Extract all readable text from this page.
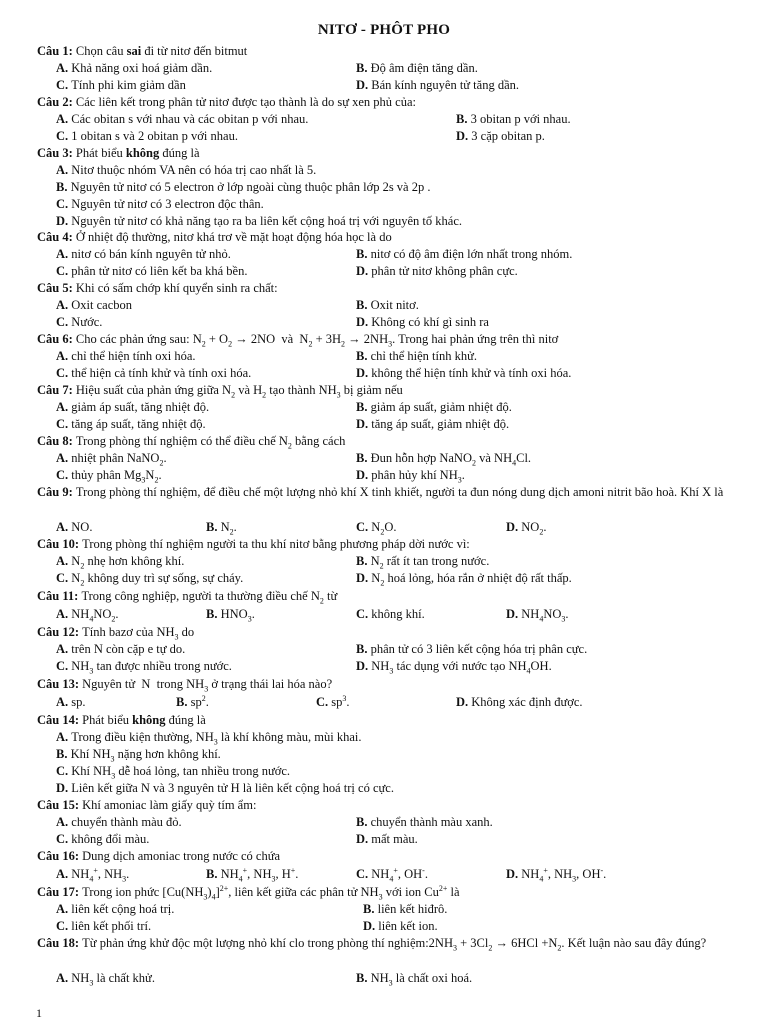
NITƠ - PHÔT PHO
Câu 1: Chọn câu sai đi từ nitơ đến bitmut
A. Khả năng oxi hoá giảm dần.	B. Độ âm điện tăng dần.
C. Tính phi kim giảm dần	D. Bán kính nguyên tử tăng dần.
Câu 2: Các liên kết trong phân tử nitơ được tạo thành là do sự xen phủ của:
A. Các obitan s với nhau và các obitan p với nhau.	B. 3 obitan p với nhau.
C. 1 obitan s và 2 obitan p với nhau.	D. 3 cặp obitan p.
Câu 3: Phát biểu không đúng là
A. Nitơ thuộc nhóm VA nên có hóa trị cao nhất là 5.
B. Nguyên tử nitơ có 5 electron ở lớp ngoài cùng thuộc phân lớp 2s và 2p .
C. Nguyên tử nitơ có 3 electron độc thân.
D. Nguyên tử nitơ có khả năng tạo ra ba liên kết cộng hoá trị với nguyên tố khác.
Câu 4: Ở nhiệt độ thường, nitơ khá trơ về mặt hoạt động hóa học là do
A. nitơ có bán kính nguyên tử nhỏ.	B. nitơ có độ âm điện lớn nhất trong nhóm.
C. phân tử nitơ có liên kết ba khá bền.	D. phân tử nitơ không phân cực.
Câu 5: Khi có sấm chớp khí quyển sinh ra chất:
A. Oxit cacbon	B. Oxit nitơ.
C. Nước.	D. Không có khí gì sinh ra
Câu 6: Cho các phản ứng sau: $N_2 + O_2 \to 2NO$  và  $N_2 + 3H_2 \to 2NH_3$. Trong hai phản ứng trên thì nitơ
A. chỉ thể hiện tính oxi hóa.	B. chỉ thể hiện tính khử.
C. thể hiện cả tính khử và tính oxi hóa.	D. không thể hiện tính khử và tính oxi hóa.
Câu 7: Hiệu suất của phản ứng giữa $N_2$ và $H_2$ tạo thành $NH_3$ bị giảm nếu
A. giảm áp suất, tăng nhiệt độ.	B. giảm áp suất, giảm nhiệt độ.
C. tăng áp suất, tăng nhiệt độ.	D. tăng áp suất, giảm nhiệt độ.
Câu 8: Trong phòng thí nghiệm có thể điều chế $N_2$ bằng cách
A. nhiệt phân NaNO$_2$.	B. Đun hỗn hợp NaNO$_2$ và $NH_4Cl$.
C. thủy phân $Mg_3N_2$.	D. phân hủy khí $NH_3$.
Câu 9: Trong phòng thí nghiệm, để điều chế một lượng nhỏ khí X tinh khiết, người ta đun nóng dung dịch amoni nitrit bão hoà. Khí X là
A. NO.	B. $N_2$.	C. $N_2O$.	D. $NO_2$.
Câu 10: Trong phòng thí nghiệm người ta thu khí nitơ bằng phương pháp dời nước vì:
A. $N_2$ nhẹ hơn không khí.	B. $N_2$ rất ít tan trong nước.
C. $N_2$ không duy trì sự sống, sự cháy.	D. $N_2$ hoá lỏng, hóa rắn ở nhiệt độ rất thấp.
Câu 11: Trong công nghiệp, người ta thường điều chế $N_2$ từ
A. $NH_4NO_2$.	B. $HNO_3$.	C. không khí.	D. $NH_4NO_3$.
Câu 12: Tính bazơ của $NH_3$ do
A. trên N còn cặp e tự do.	B. phân tử có 3 liên kết cộng hóa trị phân cực.
C. $NH_3$ tan được nhiều trong nước.	D. $NH_3$ tác dụng với nước tạo $NH_4OH$.
Câu 13: Nguyên tử  N  trong $NH_3$ ở trạng thái lai hóa nào?
A. sp.	B. $sp^2$.	C. $sp^3$.	D. Không xác định được.
Câu 14: Phát biểu không đúng là
A. Trong điều kiện thường, $NH_3$ là khí không màu, mùi khai.
B. Khí $NH_3$ nặng hơn không khí.
C. Khí $NH_3$ dễ hoá lỏng, tan nhiều trong nước.
D. Liên kết giữa N và 3 nguyên tử H là liên kết cộng hoá trị có cực.
Câu 15: Khí amoniac làm giấy quỳ tím ẩm:
A. chuyển thành màu đỏ.	B. chuyển thành màu xanh.
C. không đổi màu.	D. mất màu.
Câu 16: Dung dịch amoniac trong nước có chứa
A. $NH_4^+$, $NH_3$.	B. $NH_4^+$, $NH_3$, H+.	C. $NH_4^+$, OH-.	D. $NH_4^+$, $NH_3$, OH-.
Câu 17: Trong ion phức $[Cu(NH_3)_4]^{2+}$, liên kết giữa các phân tử $NH_3$ với ion $Cu^{2+}$ là
A. liên kết cộng hoá trị.	B. liên kết hiđrô.
C. liên kết phối trí.	D. liên kết ion.
Câu 18: Từ phản ứng khử độc một lượng nhỏ khí clo trong phòng thí $nghiệm:2NH_3 + 3Cl_2 \to 6HCl +N_2$. Kết luận nào sau đây đúng?
A. $NH_3$ là chất khử.	B. $NH_3$ là chất oxi hoá.
1
